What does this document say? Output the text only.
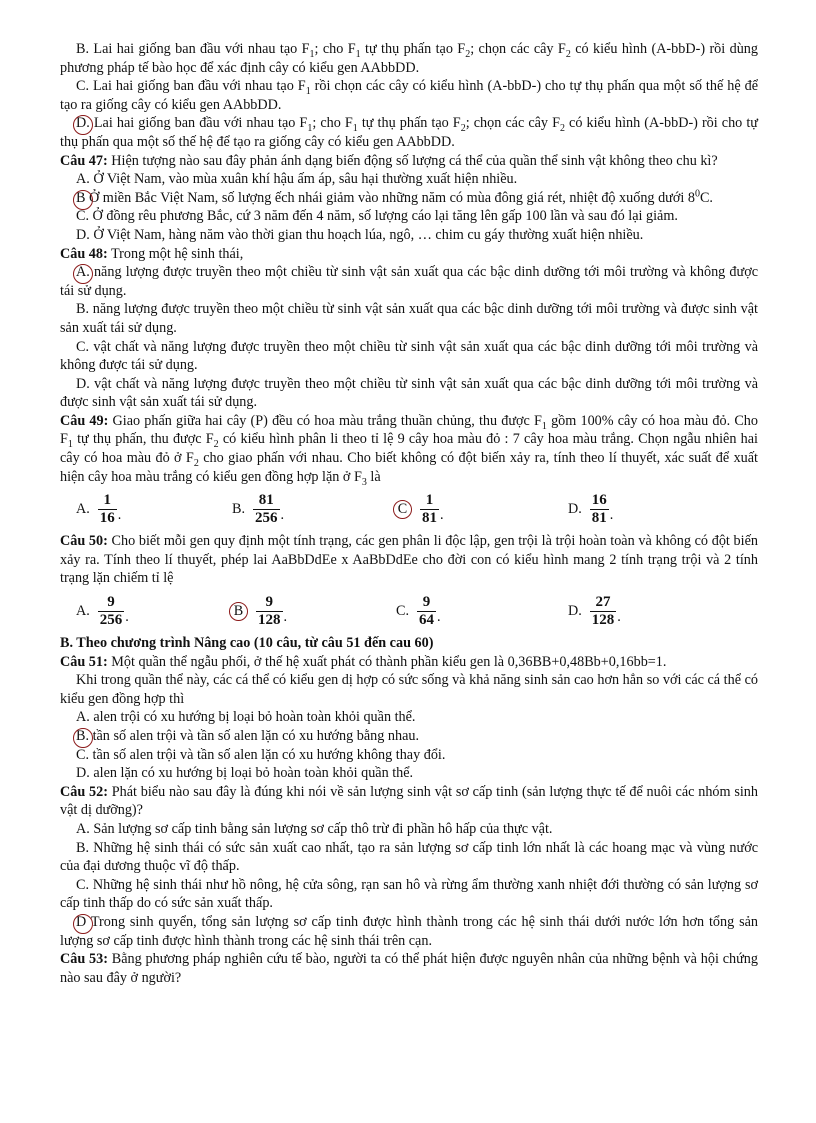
B. Lai hai giống ban đầu với nhau tạo $F_1$; cho $F_1$ tự thụ phấn tạo $F_2$; chọn các cây $F_2$ có kiểu hình (A-bbD-) rồi dùng phương pháp tế bào học để xác định cây có kiểu gen AAbbDD.

C. Lai hai giống ban đầu với nhau tạo $F_1$ rồi chọn các cây có kiểu hình (A-bbD-) cho tự thụ phấn qua một số thế hệ để tạo ra giống cây có kiểu gen AAbbDD.

D. Lai hai giống ban đầu với nhau tạo $F_1$; cho $F_1$ tự thụ phấn tạo $F_2$; chọn các cây $F_2$ có kiểu hình (A-bbD-) rồi cho tự thụ phấn qua một số thế hệ để tạo ra giống cây có kiểu gen AAbbDD.

Câu 47: Hiện tượng nào sau đây phản ánh dạng biến động số lượng cá thể của quần thể sinh vật không theo chu kì?

A. Ở Việt Nam, vào mùa xuân khí hậu ấm áp, sâu hại thường xuất hiện nhiều.

B Ở miền Bắc Việt Nam, số lượng ếch nhái giảm vào những năm có mùa đông giá rét, nhiệt độ xuống dưới $8^0C$.

C. Ở đồng rêu phương Bắc, cứ 3 năm đến 4 năm, số lượng cáo lại tăng lên gấp 100 lần và sau đó lại giảm.

D. Ở Việt Nam, hàng năm vào thời gian thu hoạch lúa, ngô, … chim cu gáy thường xuất hiện nhiều.

Câu 48: Trong một hệ sinh thái,

A. năng lượng được truyền theo một chiều từ sinh vật sản xuất qua các bậc dinh dưỡng tới môi trường và không được tái sử dụng.

B. năng lượng được truyền theo một chiều từ sinh vật sản xuất qua các bậc dinh dưỡng tới môi trường và được sinh vật sản xuất tái sử dụng.

C. vật chất và năng lượng được truyền theo một chiều từ sinh vật sản xuất qua các bậc dinh dưỡng tới môi trường và không được tái sử dụng.

D. vật chất và năng lượng được truyền theo một chiều từ sinh vật sản xuất qua các bậc dinh dưỡng tới môi trường và được sinh vật sản xuất tái sử dụng.

Câu 49: Giao phấn giữa hai cây (P) đều có hoa màu trắng thuần chủng, thu được $F_1$ gồm 100% cây có hoa màu đỏ. Cho $F_1$ tự thụ phấn, thu được $F_2$ có kiểu hình phân li theo tỉ lệ 9 cây hoa màu đỏ : 7 cây hoa màu trắng. Chọn ngẫu nhiên hai cây có hoa màu đỏ ở $F_2$ cho giao phấn với nhau. Cho biết không có đột biến xảy ra, tính theo lí thuyết, xác suất để xuất hiện cây hoa màu trắng có kiểu gen đồng hợp lặn ở $F_3$ là

A. $\frac{1}{16}$ .	B. $\frac{81}{256}$ .	C $\frac{1}{81}$ .	D. $\frac{16}{81}$ .

Câu 50: Cho biết mỗi gen quy định một tính trạng, các gen phân li độc lập, gen trội là trội hoàn toàn và không có đột biến xảy ra. Tính theo lí thuyết, phép lai AaBbDdEe x AaBbDdEe cho đời con có kiểu hình mang 2 tính trạng trội và 2 tính trạng lặn chiếm tỉ lệ

A. $\frac{9}{256}$ .	B $\frac{9}{128}$ .	C. $\frac{9}{64}$ .	D. $\frac{27}{128}$ .

B. Theo chương trình Nâng cao (10 câu, từ câu 51 đến cau 60)

Câu 51: Một quần thể ngẫu phối, ở thế hệ xuất phát có thành phần kiểu gen là 0,36BB+0,48Bb+0,16bb=1.

Khi trong quần thể này, các cá thể có kiểu gen dị hợp có sức sống và khả năng sinh sản cao hơn hẳn so với các cá thể có kiểu gen đồng hợp thì

A. alen trội có xu hướng bị loại bỏ hoàn toàn khỏi quần thể.

B. tần số alen trội và tần số alen lặn có xu hướng bằng nhau.

C. tần số alen trội và tần số alen lặn có xu hướng không thay đổi.

D. alen lặn có xu hướng bị loại bỏ hoàn toàn khỏi quần thể.

Câu 52: Phát biểu nào sau đây là đúng khi nói về sản lượng sinh vật sơ cấp tinh (sản lượng thực tế để nuôi các nhóm sinh vật dị dưỡng)?

A. Sản lượng sơ cấp tinh bằng sản lượng sơ cấp thô trừ đi phần hô hấp của thực vật.

B. Những hệ sinh thái có sức sản xuất cao nhất, tạo ra sản lượng sơ cấp tinh lớn nhất là các hoang mạc và vùng nước của đại dương thuộc vĩ độ thấp.

C. Những hệ sinh thái như hồ nông, hệ cửa sông, rạn san hô và rừng ẩm thường xanh nhiệt đới thường có sản lượng sơ cấp tinh thấp do có sức sản xuất thấp.

D Trong sinh quyển, tổng sản lượng sơ cấp tinh được hình thành trong các hệ sinh thái dưới nước lớn hơn tổng sản lượng sơ cấp tinh được hình thành trong các hệ sinh thái trên cạn.

Câu 53: Bằng phương pháp nghiên cứu tế bào, người ta có thể phát hiện được nguyên nhân của những bệnh và hội chứng nào sau đây ở người?
